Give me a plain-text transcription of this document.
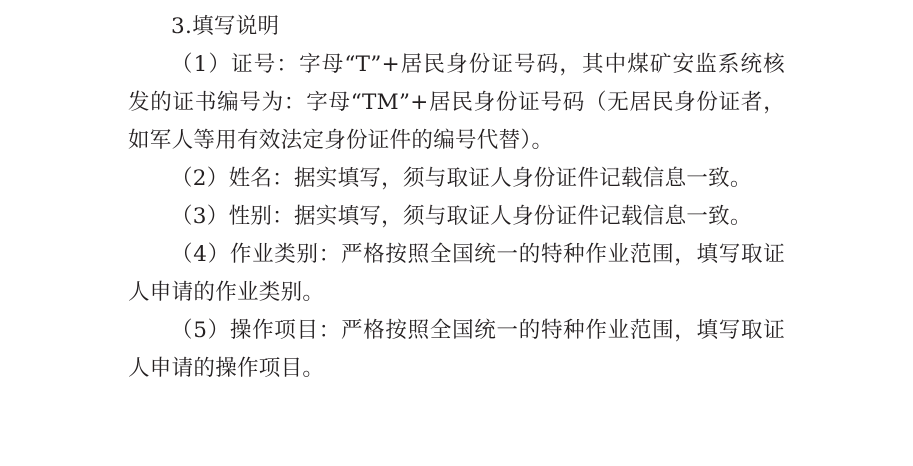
3.填写说明

（1）证号：字母“T”+居民身份证号码，其中煤矿安监系统核发的证书编号为：字母“TM”+居民身份证号码（无居民身份证者，如军人等用有效法定身份证件的编号代替）。

（2）姓名：据实填写，须与取证人身份证件记载信息一致。

（3）性别：据实填写，须与取证人身份证件记载信息一致。

（4）作业类别：严格按照全国统一的特种作业范围，填写取证人申请的作业类别。

（5）操作项目：严格按照全国统一的特种作业范围，填写取证人申请的操作项目。
